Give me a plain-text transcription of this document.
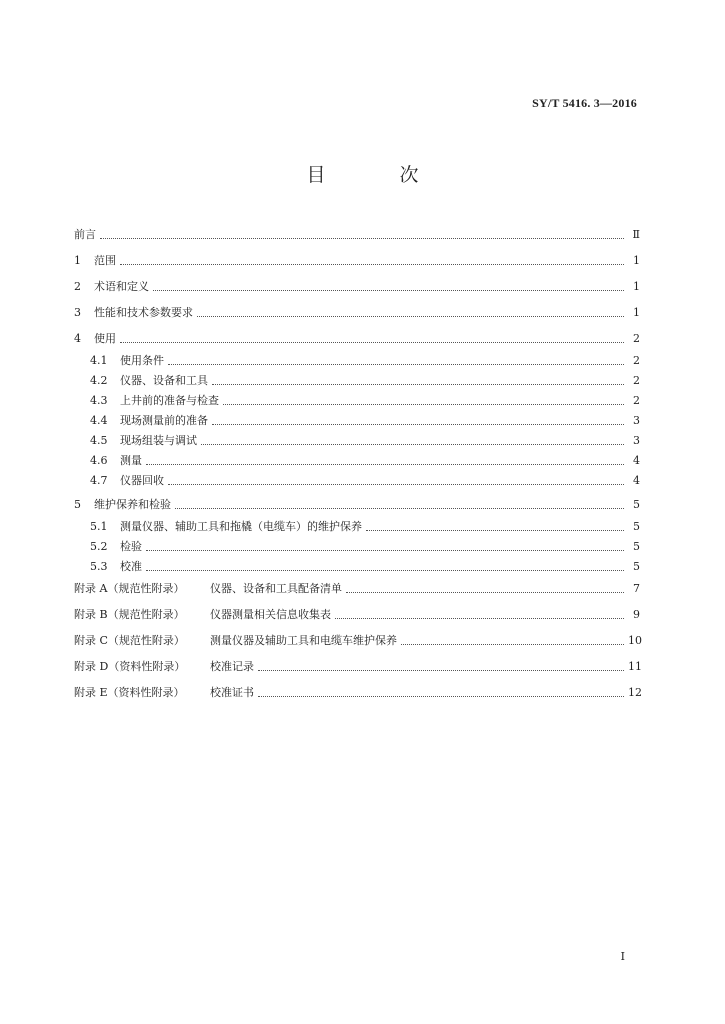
SY/T 5416. 3—2016
目 次
前言	Ⅱ
1	范围	1
2	术语和定义	1
3	性能和技术参数要求	1
4	使用	2
4.1	使用条件	2
4.2	仪器、设备和工具	2
4.3	上井前的准备与检查	2
4.4	现场测量前的准备	3
4.5	现场组装与调试	3
4.6	测量	4
4.7	仪器回收	4
5	维护保养和检验	5
5.1	测量仪器、辅助工具和拖橇（电缆车）的维护保养	5
5.2	检验	5
5.3	校准	5
附录 A（规范性附录）	仪器、设备和工具配备清单	7
附录 B（规范性附录）	仪器测量相关信息收集表	9
附录 C（规范性附录）	测量仪器及辅助工具和电缆车维护保养	10
附录 D（资料性附录）	校准记录	11
附录 E（资料性附录）	校准证书	12
Ⅰ
